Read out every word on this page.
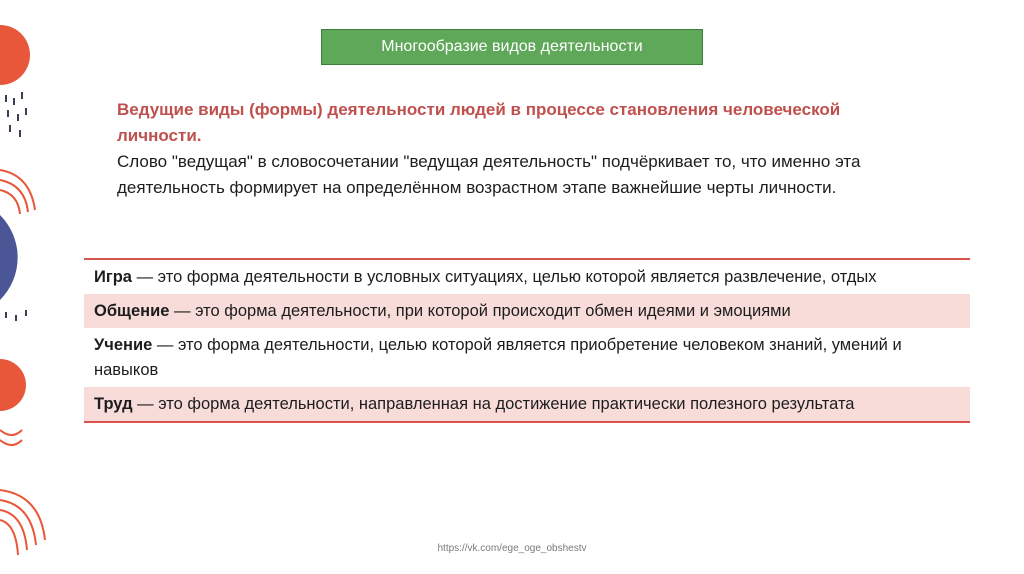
Многообразие видов деятельности
Ведущие виды (формы) деятельности людей в процессе становления человеческой личности.
Слово "ведущая" в словосочетании "ведущая деятельность" подчёркивает то, что именно эта деятельность формирует на определённом возрастном этапе важнейшие черты личности.
Игра — это форма деятельности в условных ситуациях, целью которой является развлечение, отдых
Общение — это форма деятельности, при которой происходит обмен идеями и эмоциями
Учение — это форма деятельности, целью которой является приобретение человеком знаний, умений и навыков
Труд — это форма деятельности, направленная на достижение практически полезного результата
https://vk.com/ege_oge_obshestv
